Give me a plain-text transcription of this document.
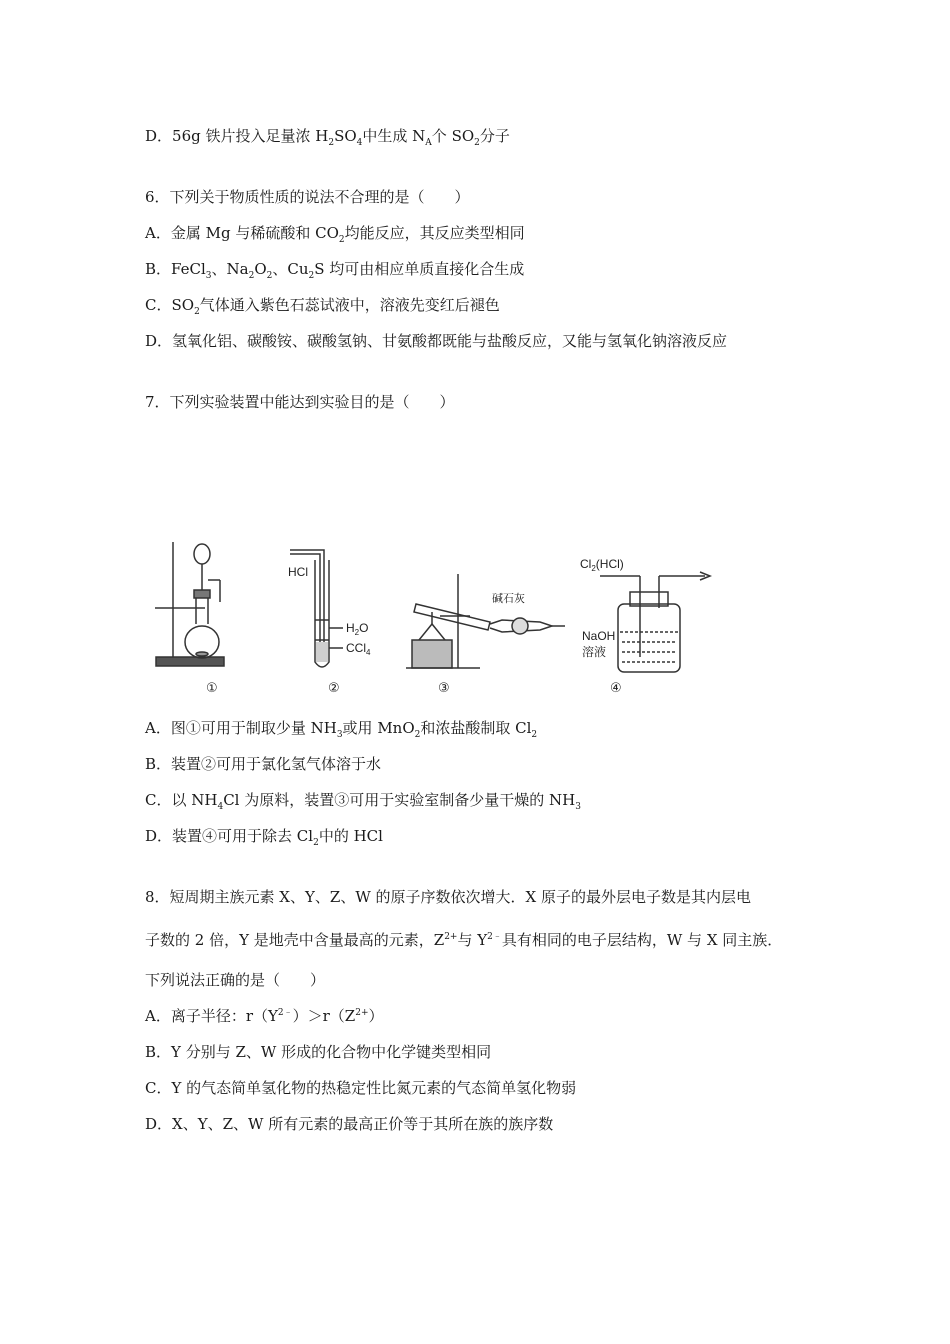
D．56g 铁片投入足量浓 $H_2SO_4$中生成 $N_A$个 $SO_2$分子
6．下列关于物质性质的说法不合理的是（　　）
A．金属 Mg 与稀硫酸和 $CO_2$均能反应，其反应类型相同
B．FeCl$_3$、$Na_2O_2$、$Cu_2S$ 均可由相应单质直接化合生成
C．$SO_2$气体通入紫色石蕊试液中，溶液先变红后褪色
D．氢氧化铝、碳酸铵、碳酸氢钠、甘氨酸都既能与盐酸反应，又能与氢氧化钠溶液反应
7．下列实验装置中能达到实验目的是（　　）
HCl
$H_2O$
CCl$_4$
碱石灰
$Cl_2(HCl)$
NaOH
溶液
①	②	③	④
A．图①可用于制取少量 $NH_3$或用 MnO$_2$和浓盐酸制取 $Cl_2$
B．装置②可用于氯化氢气体溶于水
C．以 $NH_4Cl$ 为原料，装置③可用于实验室制备少量干燥的 $NH_3$
D．装置④可用于除去 $Cl_2$中的 HCl
8．短周期主族元素 X、Y、Z、W 的原子序数依次增大．X 原子的最外层电子数是其内层电
子数的 2 倍，Y 是地壳中含量最高的元素，$Z^{2+}$与 $Y^{2﹣}$具有相同的电子层结构，W 与 X 同主族．
下列说法正确的是（　　）
A．离子半径：$r(Y^{2﹣})>r(Z^{2+})$
B．Y 分别与 Z、W 形成的化合物中化学键类型相同
C．Y 的气态简单氢化物的热稳定性比氮元素的气态简单氢化物弱
D．X、Y、Z、W 所有元素的最高正价等于其所在族的族序数
